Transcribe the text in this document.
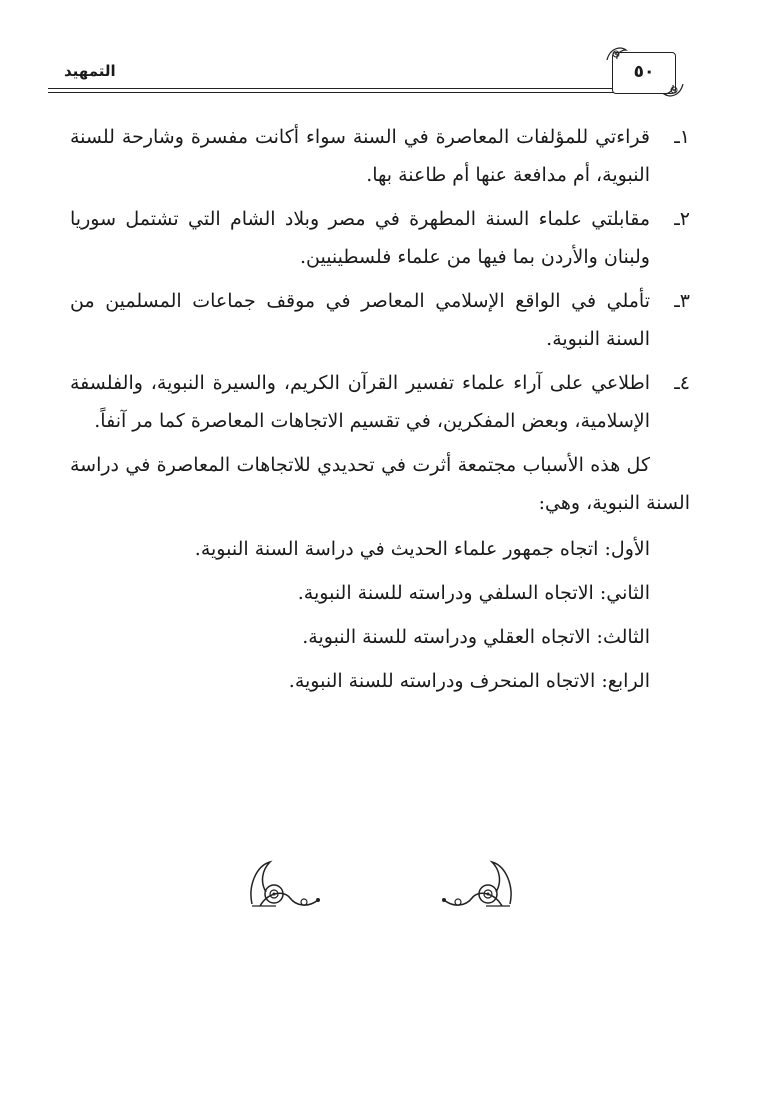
التمهيد	٥٠
١ـ
قراءتي للمؤلفات المعاصرة في السنة سواء أكانت مفسرة وشارحة للسنة النبوية، أم مدافعة عنها أم طاعنة بها.
٢ـ
مقابلتي علماء السنة المطهرة في مصر وبلاد الشام التي تشتمل سوريا ولبنان والأردن بما فيها من علماء فلسطينيين.
٣ـ
تأملي في الواقع الإسلامي المعاصر في موقف جماعات المسلمين من السنة النبوية.
٤ـ
اطلاعي على آراء علماء تفسير القرآن الكريم، والسيرة النبوية، والفلسفة الإسلامية، وبعض المفكرين، في تقسيم الاتجاهات المعاصرة كما مر آنفاً.

كل هذه الأسباب مجتمعة أثرت في تحديدي للاتجاهات المعاصرة في دراسة السنة النبوية، وهي:

الأول: اتجاه جمهور علماء الحديث في دراسة السنة النبوية.

الثاني: الاتجاه السلفي ودراسته للسنة النبوية.

الثالث: الاتجاه العقلي ودراسته للسنة النبوية.

الرابع: الاتجاه المنحرف ودراسته للسنة النبوية.
